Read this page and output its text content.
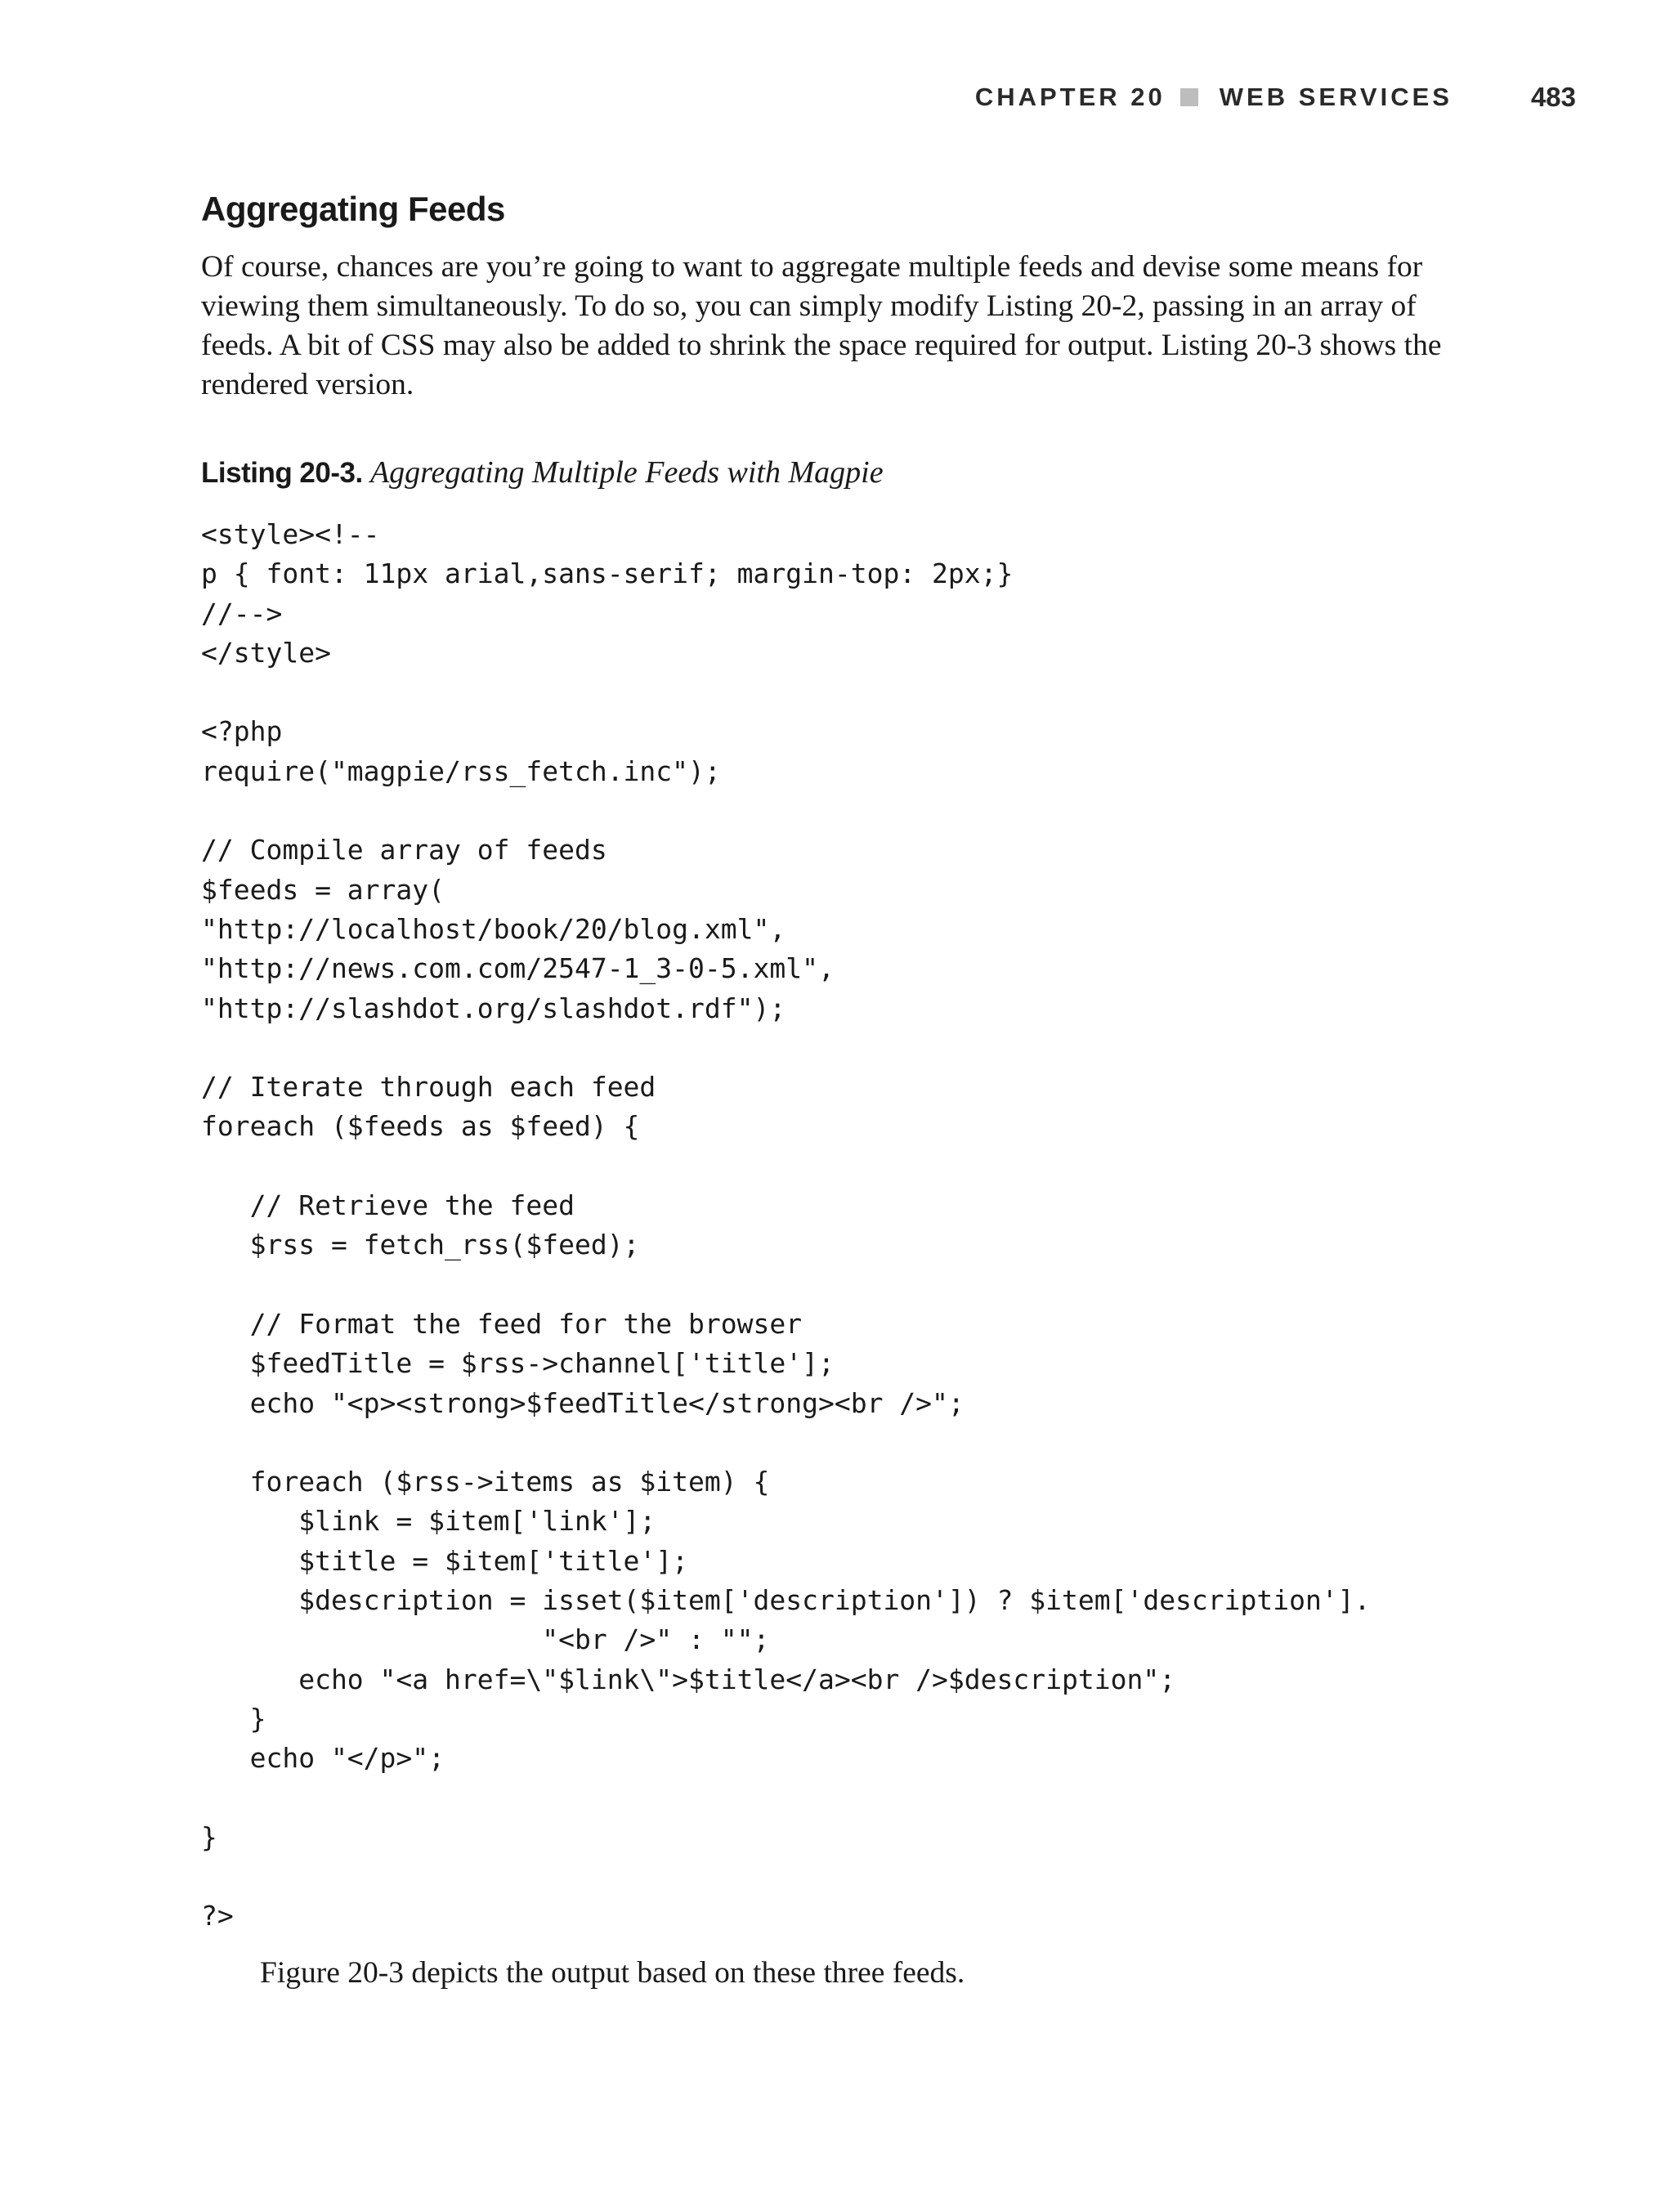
CHAPTER 20 WEB SERVICES	483
Aggregating Feeds

Of course, chances are you’re going to want to aggregate multiple feeds and devise some means for viewing them simultaneously. To do so, you can simply modify Listing 20-2, passing in an array of feeds. A bit of CSS may also be added to shrink the space required for output. Listing 20-3 shows the rendered version.

Listing 20-3. Aggregating Multiple Feeds with Magpie

<style><!--
p { font: 11px arial,sans-serif; margin-top: 2px;}
//-->
</style>
<?php
require("magpie/rss_fetch.inc");
// Compile array of feeds
$feeds = array(
"http://localhost/book/20/blog.xml",
"http://news.com.com/2547-1_3-0-5.xml",
"http://slashdot.org/slashdot.rdf");
// Iterate through each feed
foreach ($feeds as $feed) {
// Retrieve the feed
$rss = fetch_rss($feed);
// Format the feed for the browser
$feedTitle = $rss->channel['title'];
echo "<p><strong>$feedTitle</strong><br />";
foreach ($rss->items as $item) {
$link = $item['link'];
$title = $item['title'];
$description = isset($item['description']) ? $item['description'].
"<br />" : "";
echo "<a href=\"$link\">$title</a><br />$description";
}
echo "</p>";
}
?>

Figure 20-3 depicts the output based on these three feeds.
